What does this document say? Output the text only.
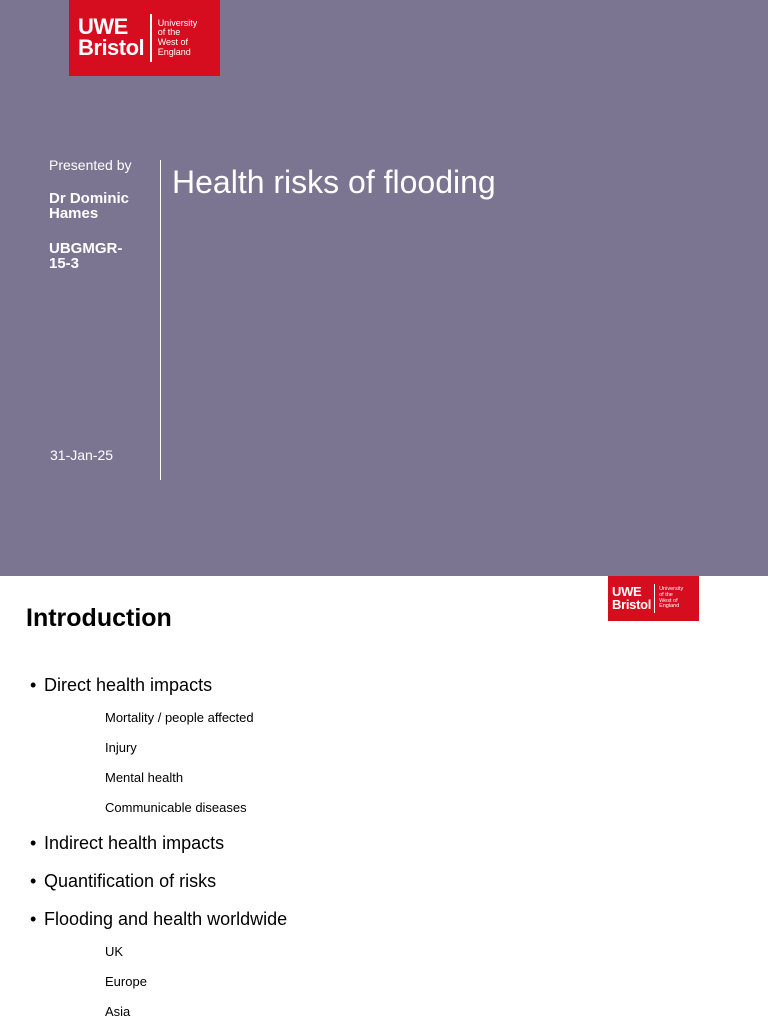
UWE
Bristol
University
of the
West of
England
Presented by
Dr Dominic Hames
UBGMGR-15-3
31-Jan-25
Health risks of flooding
Introduction
• Direct health impacts
Mortality / people affected
Injury
Mental health
Communicable diseases
• Indirect health impacts
• Quantification of risks
• Flooding and health worldwide
UK
Europe
Asia
UWE
Bristol
University
of the
West of
England
